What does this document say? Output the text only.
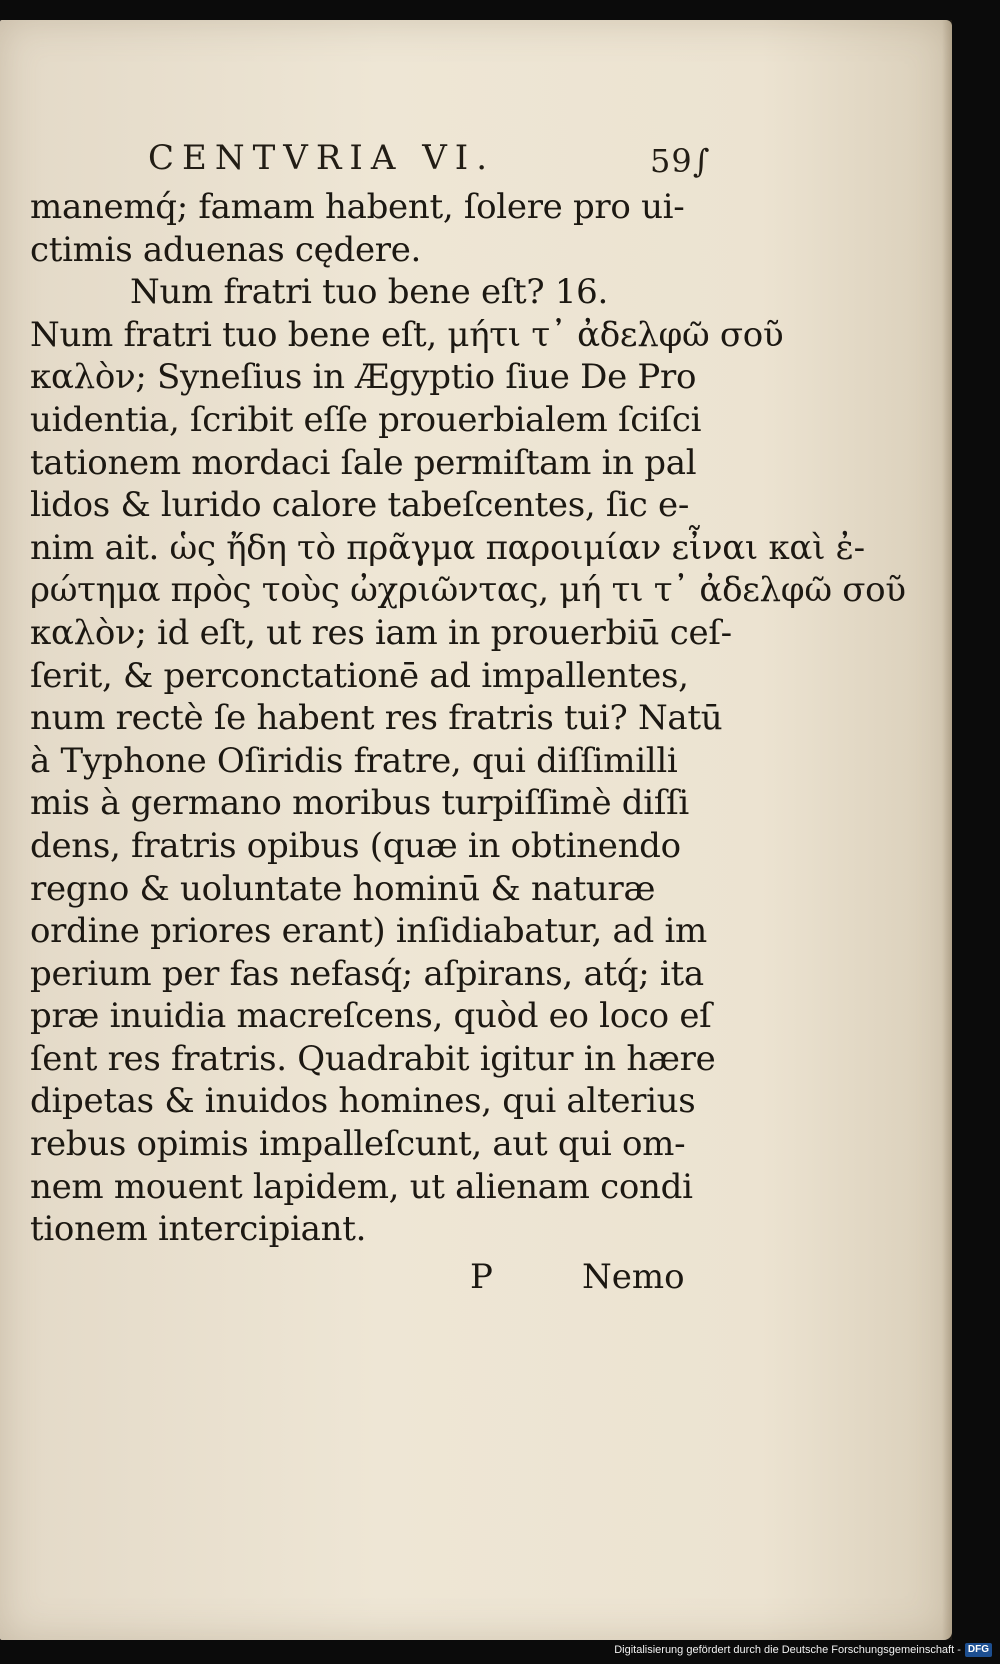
CENTVRIA VI.	59∫
manemq́; famam habent, ſolere pro ui-
ctimis aduenas cędere.
Num fratri tuo bene eſt? 16.
Num fratri tuo bene eſt, μήτι τ᾽ ἀδελφῶ σοῦ
καλὸν; Syneſius in Ægyptio ſiue De Pro
uidentia, ſcribit eſſe prouerbialem ſciſci
tationem mordaci ſale permiſtam in pal
lidos & lurido calore tabeſcentes, ſic e-
nim ait. ὡς ἤδη τὸ πρᾶγμα παροιμίαν εἶναι καὶ ἐ-
ρώτημα πρὸς τοὺς ὠχριῶντας, μή τι τ᾽ ἀδελφῶ σοῦ
καλὸν; id eſt, ut res iam in prouerbiū ceſ-
ſerit, & perconctationē ad impallentes,
num rectè ſe habent res fratris tui? Natū
à Typhone Oſiridis fratre, qui diſſimilli
mis à germano moribus turpiſſimè diſſi
dens, fratris opibus (quæ in obtinendo
regno & uoluntate hominū & naturæ
ordine priores erant) inſidiabatur, ad im
perium per fas nefasq́; aſpirans, atq́; ita
præ inuidia macreſcens, quòd eo loco eſ
ſent res fratris. Quadrabit igitur in hære
dipetas & inuidos homines, qui alterius
rebus opimis impalleſcunt, aut qui om-
nem mouent lapidem, ut alienam condi
tionem intercipiant.
P	Nemo
Digitalisierung gefördert durch die Deutsche Forschungsgemeinschaft - DFG
